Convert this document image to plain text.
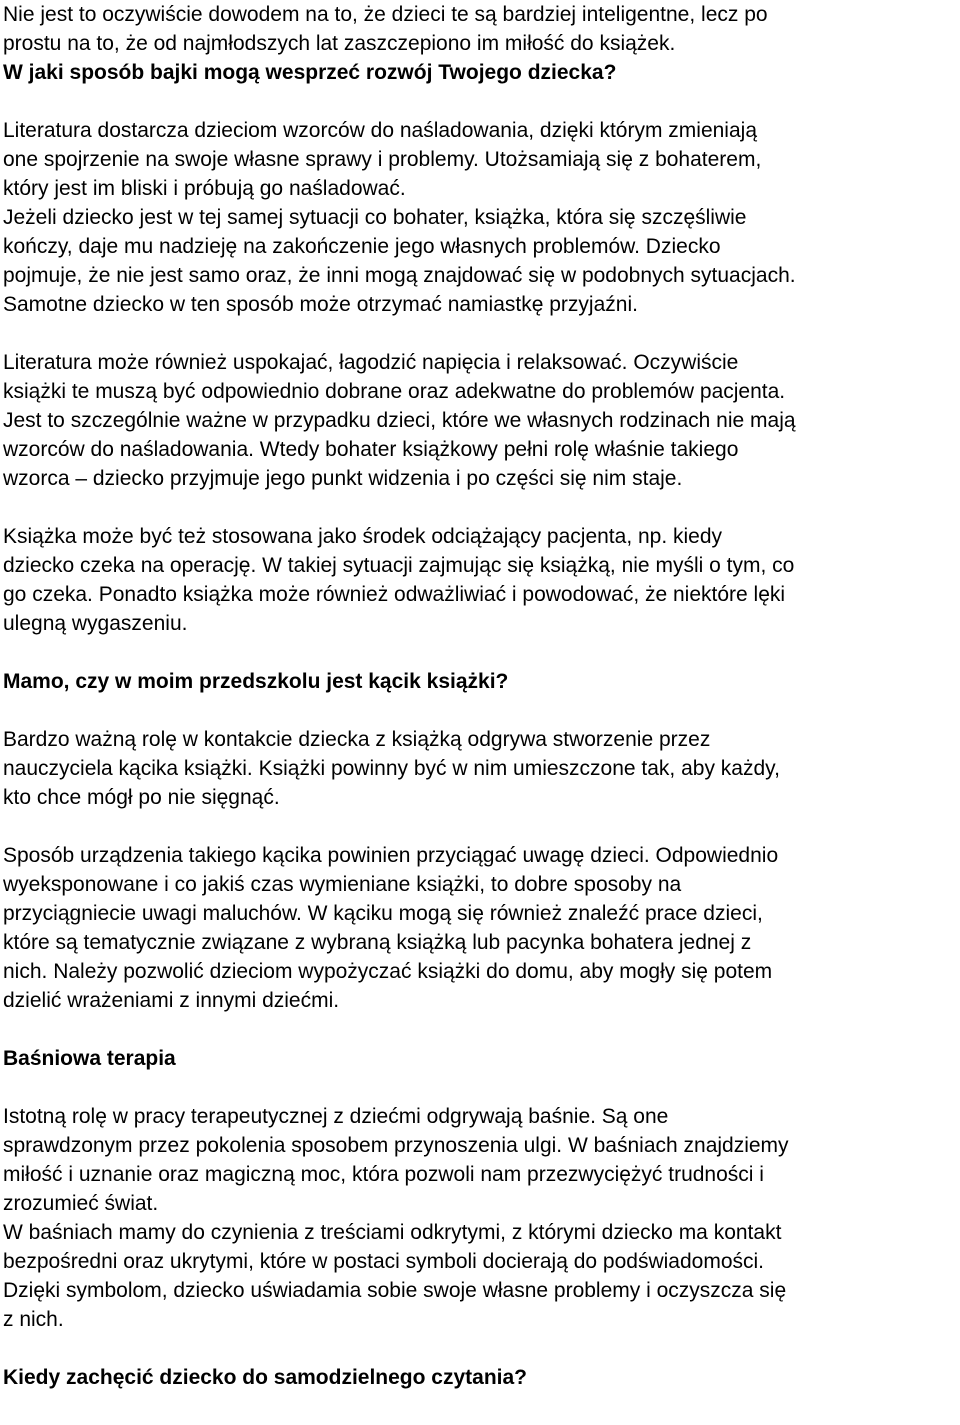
Nie jest to oczywiście dowodem na to, że dzieci te są bardziej inteligentne, lecz po
prostu na to, że od najmłodszych lat zaszczepiono im miłość do książek.
W jaki sposób bajki mogą wesprzeć rozwój Twojego dziecka?
Literatura dostarcza dzieciom wzorców do naśladowania, dzięki którym zmieniają
one spojrzenie na swoje własne sprawy i problemy. Utożsamiają się z bohaterem,
który jest im bliski i próbują go naśladować.
Jeżeli dziecko jest w tej samej sytuacji co bohater, książka, która się szczęśliwie
kończy, daje mu nadzieję na zakończenie jego własnych problemów. Dziecko
pojmuje, że nie jest samo oraz, że inni mogą znajdować się w podobnych sytuacjach.
Samotne dziecko w ten sposób może otrzymać namiastkę przyjaźni.
Literatura może również uspokajać, łagodzić napięcia i relaksować. Oczywiście
książki te muszą być odpowiednio dobrane oraz adekwatne do problemów pacjenta.
Jest to szczególnie ważne w przypadku dzieci, które we własnych rodzinach nie mają
wzorców do naśladowania. Wtedy bohater książkowy pełni rolę właśnie takiego
wzorca – dziecko przyjmuje jego punkt widzenia i po części się nim staje.
Książka może być też stosowana jako środek odciążający pacjenta, np. kiedy
dziecko czeka na operację. W takiej sytuacji zajmując się książką, nie myśli o tym, co
go czeka. Ponadto książka może również odważliwiać i powodować, że niektóre lęki
ulegną wygaszeniu.
Mamo, czy w moim przedszkolu jest kącik książki?
Bardzo ważną rolę w kontakcie dziecka z książką odgrywa stworzenie przez
nauczyciela kącika książki. Książki powinny być w nim umieszczone tak, aby każdy,
kto chce mógł po nie sięgnąć.
Sposób urządzenia takiego kącika powinien przyciągać uwagę dzieci. Odpowiednio
wyeksponowane i co jakiś czas wymieniane książki, to dobre sposoby na
przyciągniecie uwagi maluchów. W kąciku mogą się również znaleźć prace dzieci,
które są tematycznie związane z wybraną książką lub pacynka bohatera jednej z
nich. Należy pozwolić dzieciom wypożyczać książki do domu, aby mogły się potem
dzielić wrażeniami z innymi dziećmi.
Baśniowa terapia
Istotną rolę w pracy terapeutycznej z dziećmi odgrywają baśnie. Są one
sprawdzonym przez pokolenia sposobem przynoszenia ulgi. W baśniach znajdziemy
miłość i uznanie oraz magiczną moc, która pozwoli nam przezwyciężyć trudności i
zrozumieć świat.
W baśniach mamy do czynienia z treściami odkrytymi, z którymi dziecko ma kontakt
bezpośredni oraz ukrytymi, które w postaci symboli docierają do podświadomości.
Dzięki symbolom, dziecko uświadamia sobie swoje własne problemy i oczyszcza się
z nich.
Kiedy zachęcić dziecko do samodzielnego czytania?
